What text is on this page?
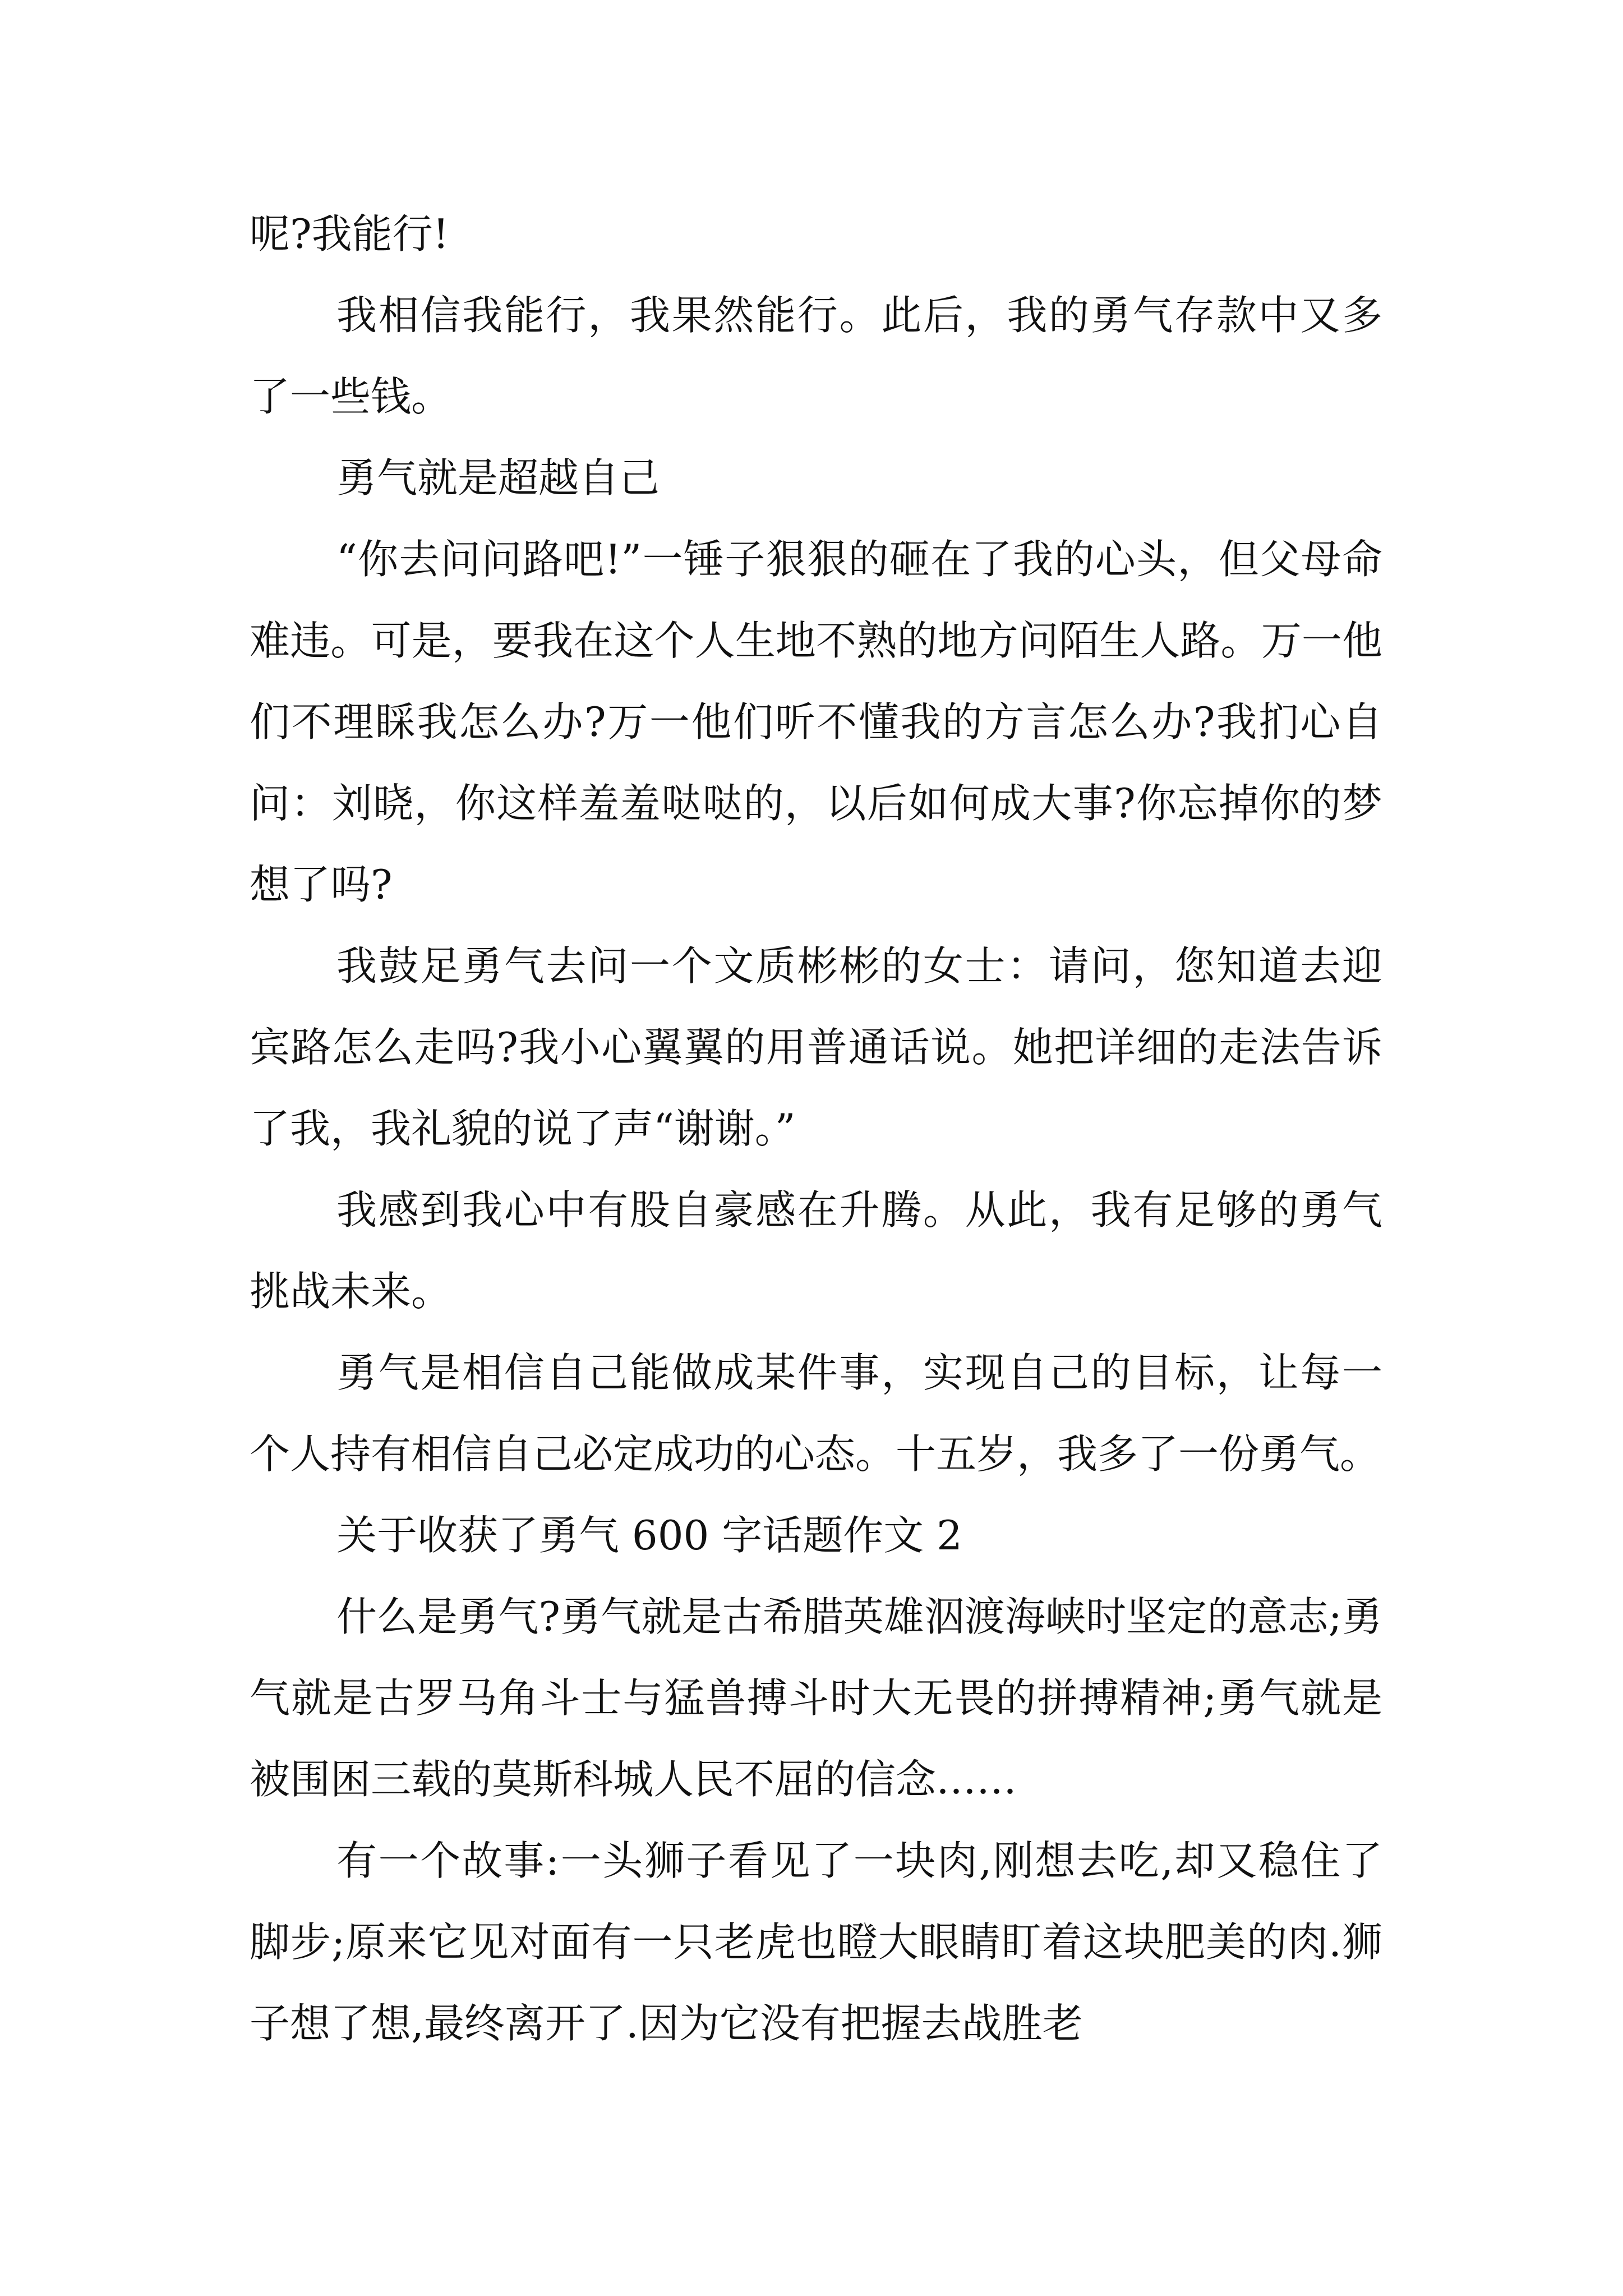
呢?我能行!

我相信我能行，我果然能行。此后，我的勇气存款中又多了一些钱。

勇气就是超越自己

“你去问问路吧!”一锤子狠狠的砸在了我的心头，但父母命难违。可是，要我在这个人生地不熟的地方问陌生人路。万一他们不理睬我怎么办?万一他们听不懂我的方言怎么办?我扪心自问：刘晓，你这样羞羞哒哒的，以后如何成大事?你忘掉你的梦想了吗?

我鼓足勇气去问一个文质彬彬的女士：请问，您知道去迎宾路怎么走吗?我小心翼翼的用普通话说。她把详细的走法告诉了我，我礼貌的说了声“谢谢。”

我感到我心中有股自豪感在升腾。从此，我有足够的勇气挑战未来。

勇气是相信自己能做成某件事，实现自己的目标，让每一个人持有相信自己必定成功的心态。十五岁，我多了一份勇气。

关于收获了勇气 600 字话题作文 2

什么是勇气?勇气就是古希腊英雄泅渡海峡时坚定的意志;勇气就是古罗马角斗士与猛兽搏斗时大无畏的拼搏精神;勇气就是被围困三载的莫斯科城人民不屈的信念……

有一个故事:一头狮子看见了一块肉,刚想去吃,却又稳住了脚步;原来它见对面有一只老虎也瞪大眼睛盯着这块肥美的肉.狮子想了想,最终离开了.因为它没有把握去战胜老
